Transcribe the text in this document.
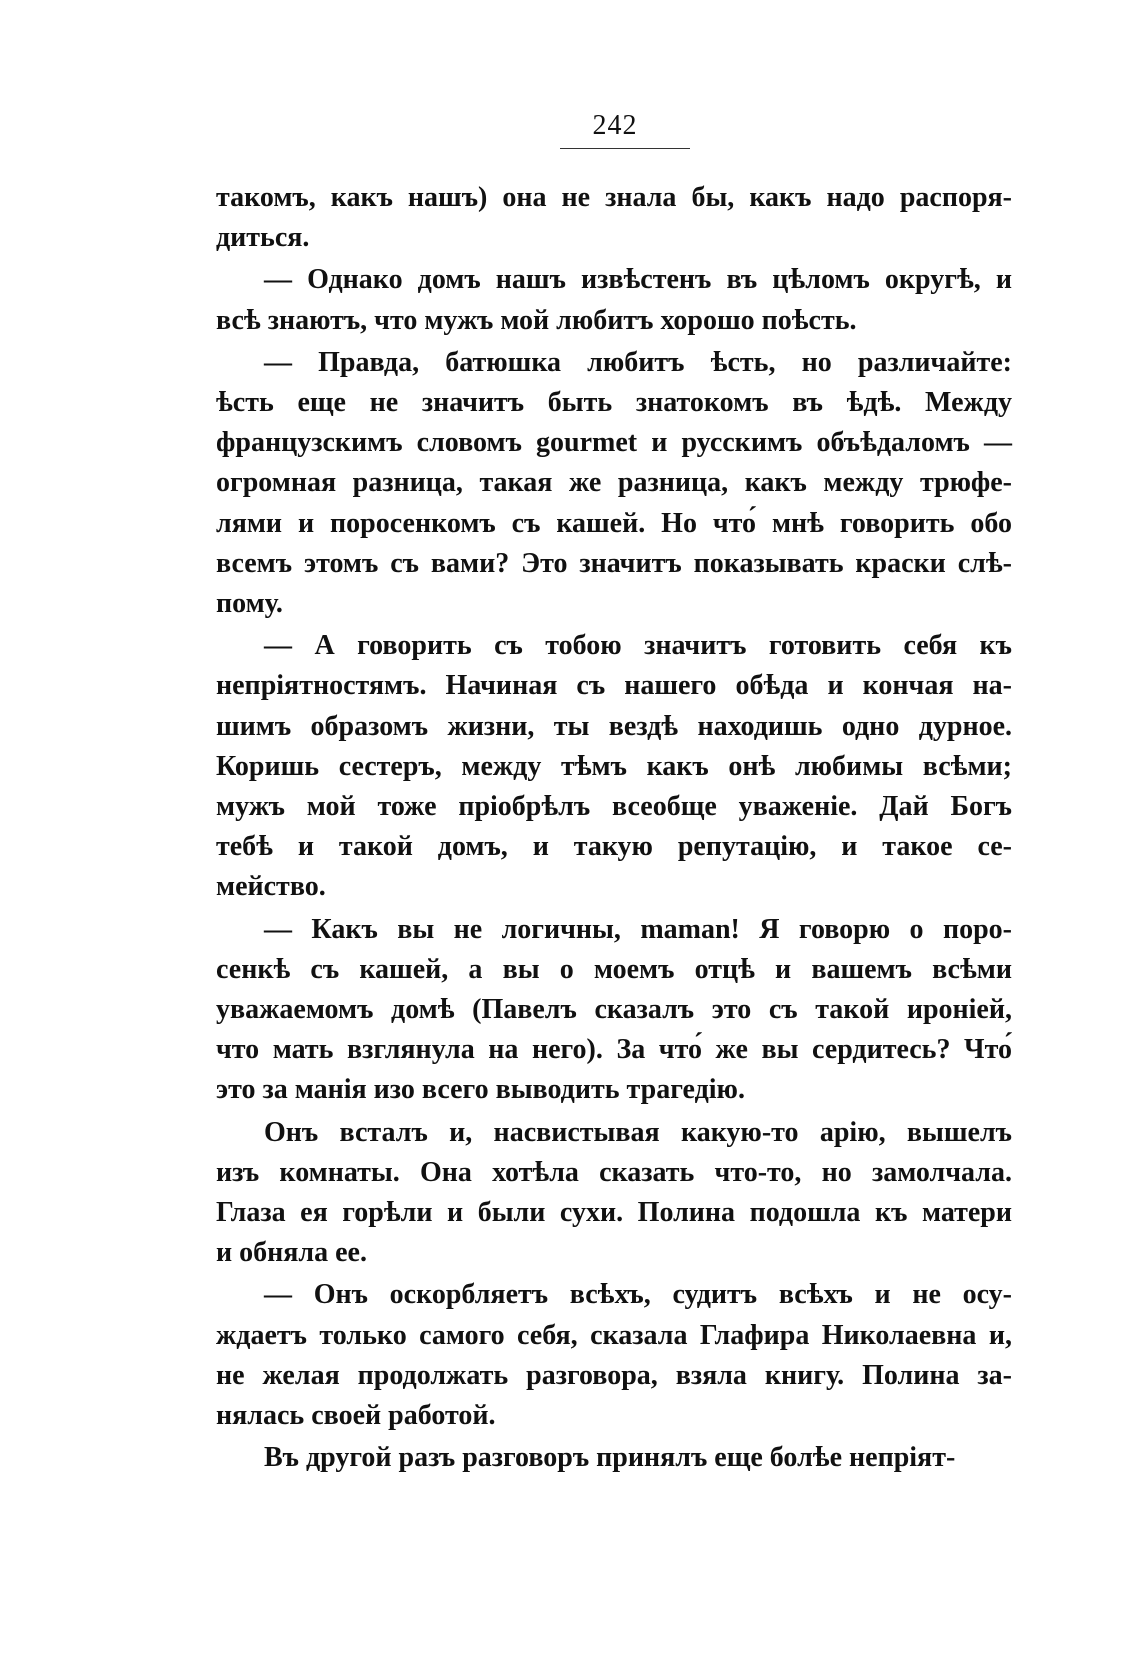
242
такомъ, какъ нашъ) она не знала бы, какъ надо распоря-
диться.
— Однако домъ нашъ извѣстенъ въ цѣломъ округѣ, и
всѣ знаютъ, что мужъ мой любитъ хорошо поѣсть.
— Правда, батюшка любитъ ѣсть, но различайте:
ѣсть еще не значитъ быть знатокомъ въ ѣдѣ. Между
французскимъ словомъ gourmet и русскимъ объѣдаломъ —
огромная разница, такая же разница, какъ между трюфе-
лями и поросенкомъ съ кашей. Но что́ мнѣ говорить обо
всемъ этомъ съ вами? Это значитъ показывать краски слѣ-
пому.
— А говорить съ тобою значитъ готовить себя къ
непріятностямъ. Начиная съ нашего обѣда и кончая на-
шимъ образомъ жизни, ты вездѣ находишь одно дурное.
Коришь сестеръ, между тѣмъ какъ онѣ любимы всѣми;
мужъ мой тоже пріобрѣлъ всеобще уваженіе. Дай Богъ
тебѣ и такой домъ, и такую репутацію, и такое се-
мейство.
— Какъ вы не логичны, maman! Я говорю о поро-
сенкѣ съ кашей, а вы о моемъ отцѣ и вашемъ всѣми
уважаемомъ домѣ (Павелъ сказалъ это съ такой ироніей,
что мать взглянула на него). За что́ же вы сердитесь? Что́
это за манія изо всего выводить трагедію.
Онъ всталъ и, насвистывая какую-то арію, вышелъ
изъ комнаты. Она хотѣла сказать что-то, но замолчала.
Глаза ея горѣли и были сухи. Полина подошла къ матери
и обняла ее.
— Онъ оскорбляетъ всѣхъ, судитъ всѣхъ и не осу-
ждаетъ только самого себя, сказала Глафира Николаевна и,
не желая продолжать разговора, взяла книгу. Полина за-
нялась своей работой.
Въ другой разъ разговоръ принялъ еще болѣе непріят-
